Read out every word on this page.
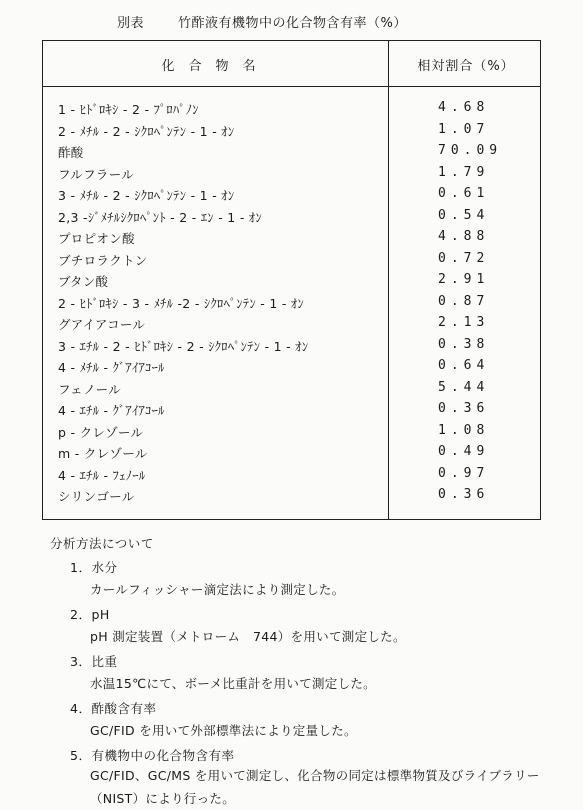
別表	竹酢液有機物中の化合物含有率（%）
化合物名	相対割合（%）
1 - ﾋﾄﾞﾛｷｼ - 2 - ﾌﾟﾛﾊﾟﾉﾝ	4.68
2 - ﾒﾁﾙ - 2 - ｼｸﾛﾍﾟﾝﾃﾝ - 1 - ｵﾝ	1.07
酢酸	70.09
フルフラール	1.79
3 - ﾒﾁﾙ - 2 - ｼｸﾛﾍﾟﾝﾃﾝ - 1 - ｵﾝ	0.61
2,3 -ｼﾞﾒﾁﾙｼｸﾛﾍﾟﾝﾄ - 2 - ｴﾝ - 1 - ｵﾝ	0.54
プロピオン酸	4.88
ブチロラクトン	0.72
ブタン酸	2.91
2 - ﾋﾄﾞﾛｷｼ - 3 - ﾒﾁﾙ -2 - ｼｸﾛﾍﾟﾝﾃﾝ - 1 - ｵﾝ	0.87
グアイアコール	2.13
3 - ｴﾁﾙ - 2 - ﾋﾄﾞﾛｷｼ - 2 - ｼｸﾛﾍﾟﾝﾃﾝ - 1 - ｵﾝ	0.38
4 - ﾒﾁﾙ - ｸﾞｱｲｱｺｰﾙ	0.64
フェノール	5.44
4 - ｴﾁﾙ - ｸﾞｱｲｱｺｰﾙ	0.36
p - クレゾール	1.08
m - クレゾール	0.49
4 - ｴﾁﾙ - ﾌｪﾉｰﾙ	0.97
シリンゴール	0.36
分析方法について
1．水分
カールフィッシャー滴定法により測定した。
2．pH
pH 測定装置（メトローム　744）を用いて測定した。
3．比重
水温15℃にて、ボーメ比重計を用いて測定した。
4．酢酸含有率
GC/FID を用いて外部標準法により定量した。
5．有機物中の化合物含有率
GC/FID、GC/MS を用いて測定し、化合物の同定は標準物質及びライブラリー（NIST）により行った。
